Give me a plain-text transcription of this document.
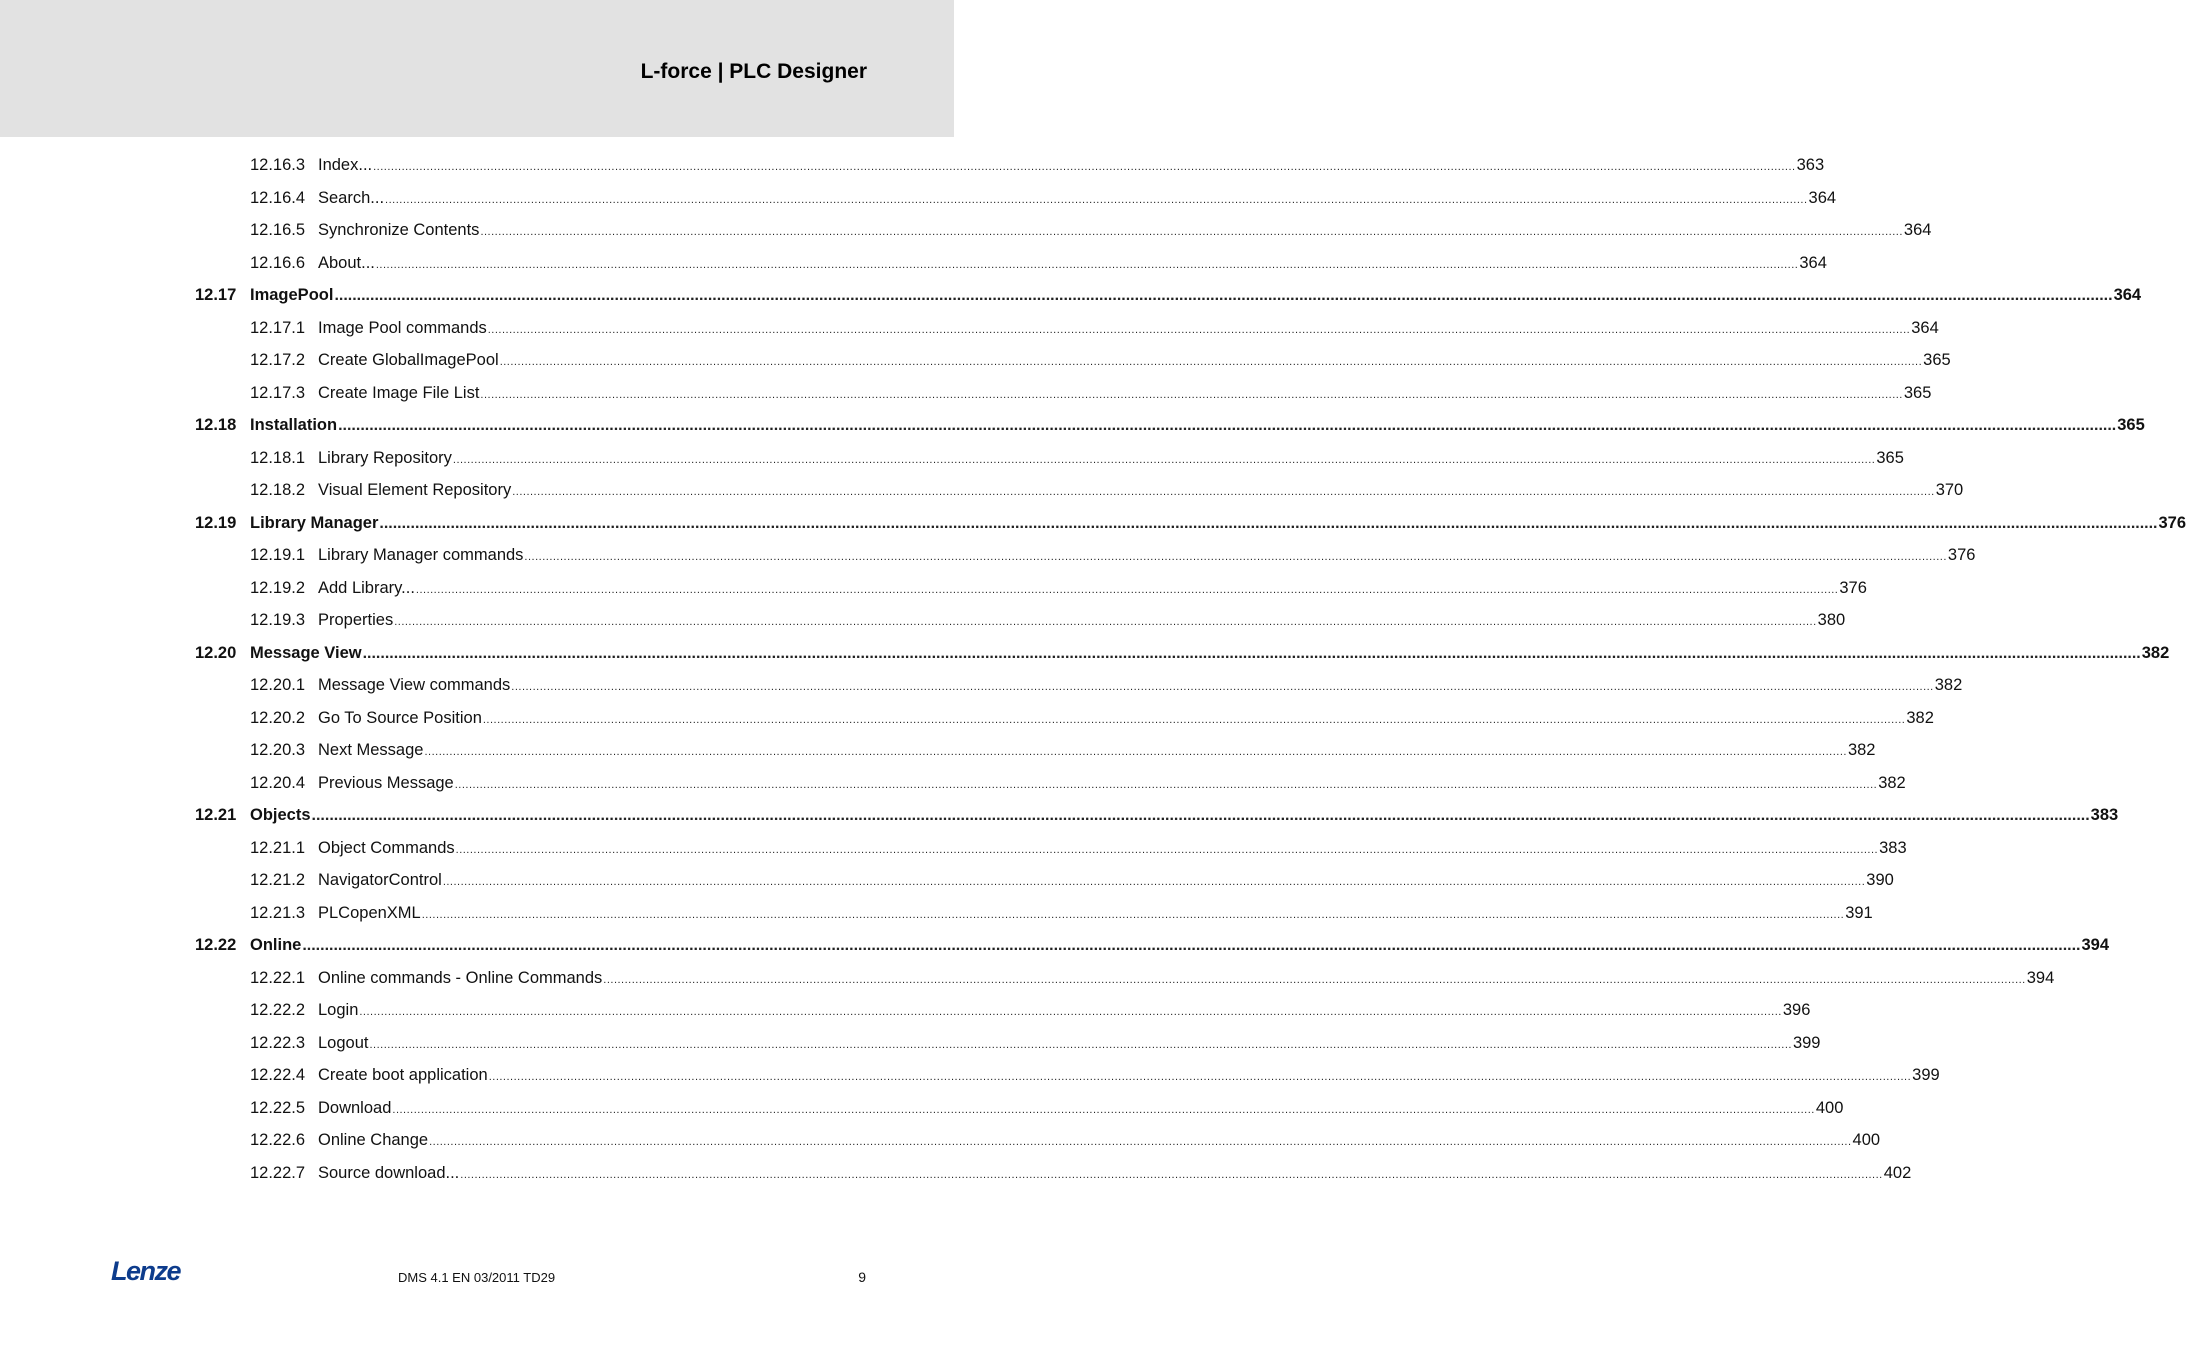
L-force | PLC Designer
12.16.3 Index... ................................................................................................................................................................................................................................................................................................................................................................................................................ 363
12.16.4 Search... ................................................................................................................................................................................................................................................................................................................................................................................................................ 364
12.16.5 Synchronize Contents ................................................................................................................................................................................................................................................................................................................................................................................................................ 364
12.16.6 About... ................................................................................................................................................................................................................................................................................................................................................................................................................ 364
12.17 ImagePool ................................................................................................................................................................................................................................................................................................................................................................................................................ 364
12.17.1 Image Pool commands ................................................................................................................................................................................................................................................................................................................................................................................................................ 364
12.17.2 Create GlobalImagePool ................................................................................................................................................................................................................................................................................................................................................................................................................ 365
12.17.3 Create Image File List ................................................................................................................................................................................................................................................................................................................................................................................................................ 365
12.18 Installation ................................................................................................................................................................................................................................................................................................................................................................................................................ 365
12.18.1 Library Repository ................................................................................................................................................................................................................................................................................................................................................................................................................ 365
12.18.2 Visual Element Repository ................................................................................................................................................................................................................................................................................................................................................................................................................ 370
12.19 Library Manager ................................................................................................................................................................................................................................................................................................................................................................................................................ 376
12.19.1 Library Manager commands ................................................................................................................................................................................................................................................................................................................................................................................................................ 376
12.19.2 Add Library... ................................................................................................................................................................................................................................................................................................................................................................................................................ 376
12.19.3 Properties ................................................................................................................................................................................................................................................................................................................................................................................................................ 380
12.20 Message View ................................................................................................................................................................................................................................................................................................................................................................................................................ 382
12.20.1 Message View commands ................................................................................................................................................................................................................................................................................................................................................................................................................ 382
12.20.2 Go To Source Position ................................................................................................................................................................................................................................................................................................................................................................................................................ 382
12.20.3 Next Message ................................................................................................................................................................................................................................................................................................................................................................................................................ 382
12.20.4 Previous Message ................................................................................................................................................................................................................................................................................................................................................................................................................ 382
12.21 Objects ................................................................................................................................................................................................................................................................................................................................................................................................................ 383
12.21.1 Object Commands ................................................................................................................................................................................................................................................................................................................................................................................................................ 383
12.21.2 NavigatorControl ................................................................................................................................................................................................................................................................................................................................................................................................................ 390
12.21.3 PLCopenXML ................................................................................................................................................................................................................................................................................................................................................................................................................ 391
12.22 Online ................................................................................................................................................................................................................................................................................................................................................................................................................ 394
12.22.1 Online commands - Online Commands ................................................................................................................................................................................................................................................................................................................................................................................................................ 394
12.22.2 Login ................................................................................................................................................................................................................................................................................................................................................................................................................ 396
12.22.3 Logout ................................................................................................................................................................................................................................................................................................................................................................................................................ 399
12.22.4 Create boot application ................................................................................................................................................................................................................................................................................................................................................................................................................ 399
12.22.5 Download ................................................................................................................................................................................................................................................................................................................................................................................................................ 400
12.22.6 Online Change ................................................................................................................................................................................................................................................................................................................................................................................................................ 400
12.22.7 Source download... ................................................................................................................................................................................................................................................................................................................................................................................................................ 402
Lenze	DMS 4.1 EN 03/2011 TD29	9
